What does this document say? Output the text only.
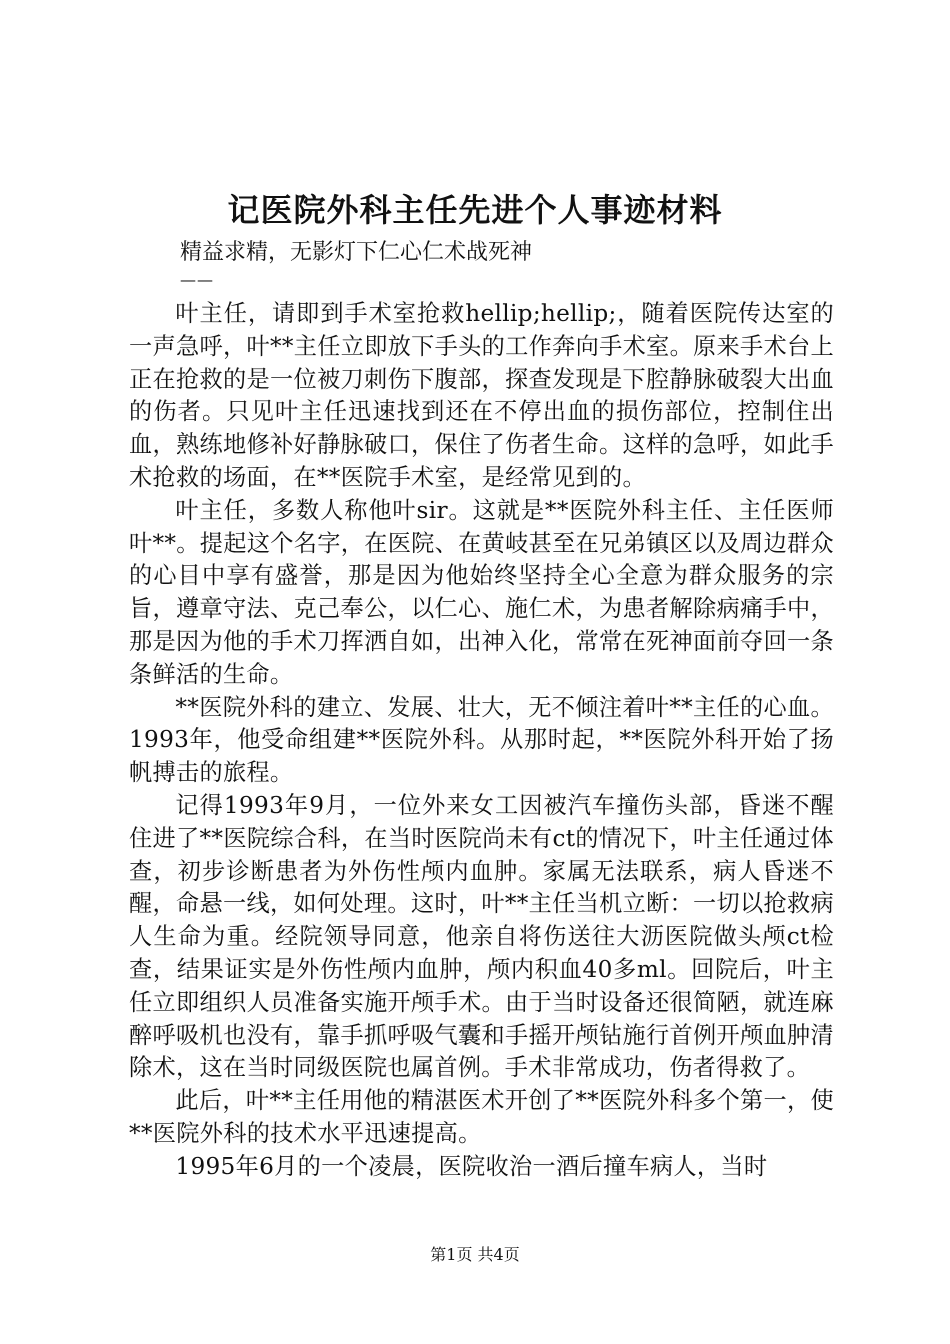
记医院外科主任先进个人事迹材料

精益求精，无影灯下仁心仁术战死神

——

叶主任，请即到手术室抢救hellip;hellip;，随着医院传达室的一声急呼，叶**主任立即放下手头的工作奔向手术室。原来手术台上正在抢救的是一位被刀刺伤下腹部，探查发现是下腔静脉破裂大出血的伤者。只见叶主任迅速找到还在不停出血的损伤部位，控制住出血，熟练地修补好静脉破口，保住了伤者生命。这样的急呼，如此手术抢救的场面，在**医院手术室，是经常见到的。

叶主任，多数人称他叶sir。这就是**医院外科主任、主任医师叶**。提起这个名字，在医院、在黄岐甚至在兄弟镇区以及周边群众的心目中享有盛誉，那是因为他始终坚持全心全意为群众服务的宗旨，遵章守法、克己奉公，以仁心、施仁术，为患者解除病痛手中，那是因为他的手术刀挥洒自如，出神入化，常常在死神面前夺回一条条鲜活的生命。

**医院外科的建立、发展、壮大，无不倾注着叶**主任的心血。1993年，他受命组建**医院外科。从那时起，**医院外科开始了扬帆搏击的旅程。

记得1993年9月，一位外来女工因被汽车撞伤头部，昏迷不醒住进了**医院综合科，在当时医院尚未有ct的情况下，叶主任通过体查，初步诊断患者为外伤性颅内血肿。家属无法联系，病人昏迷不醒，命悬一线，如何处理。这时，叶**主任当机立断：一切以抢救病人生命为重。经院领导同意，他亲自将伤送往大沥医院做头颅ct检查，结果证实是外伤性颅内血肿，颅内积血40多ml。回院后，叶主任立即组织人员准备实施开颅手术。由于当时设备还很简陋，就连麻醉呼吸机也没有，靠手抓呼吸气囊和手摇开颅钻施行首例开颅血肿清除术，这在当时同级医院也属首例。手术非常成功，伤者得救了。

此后，叶**主任用他的精湛医术开创了**医院外科多个第一，使**医院外科的技术水平迅速提高。

1995年6月的一个凌晨，医院收治一酒后撞车病人，当时

第1页 共4页
